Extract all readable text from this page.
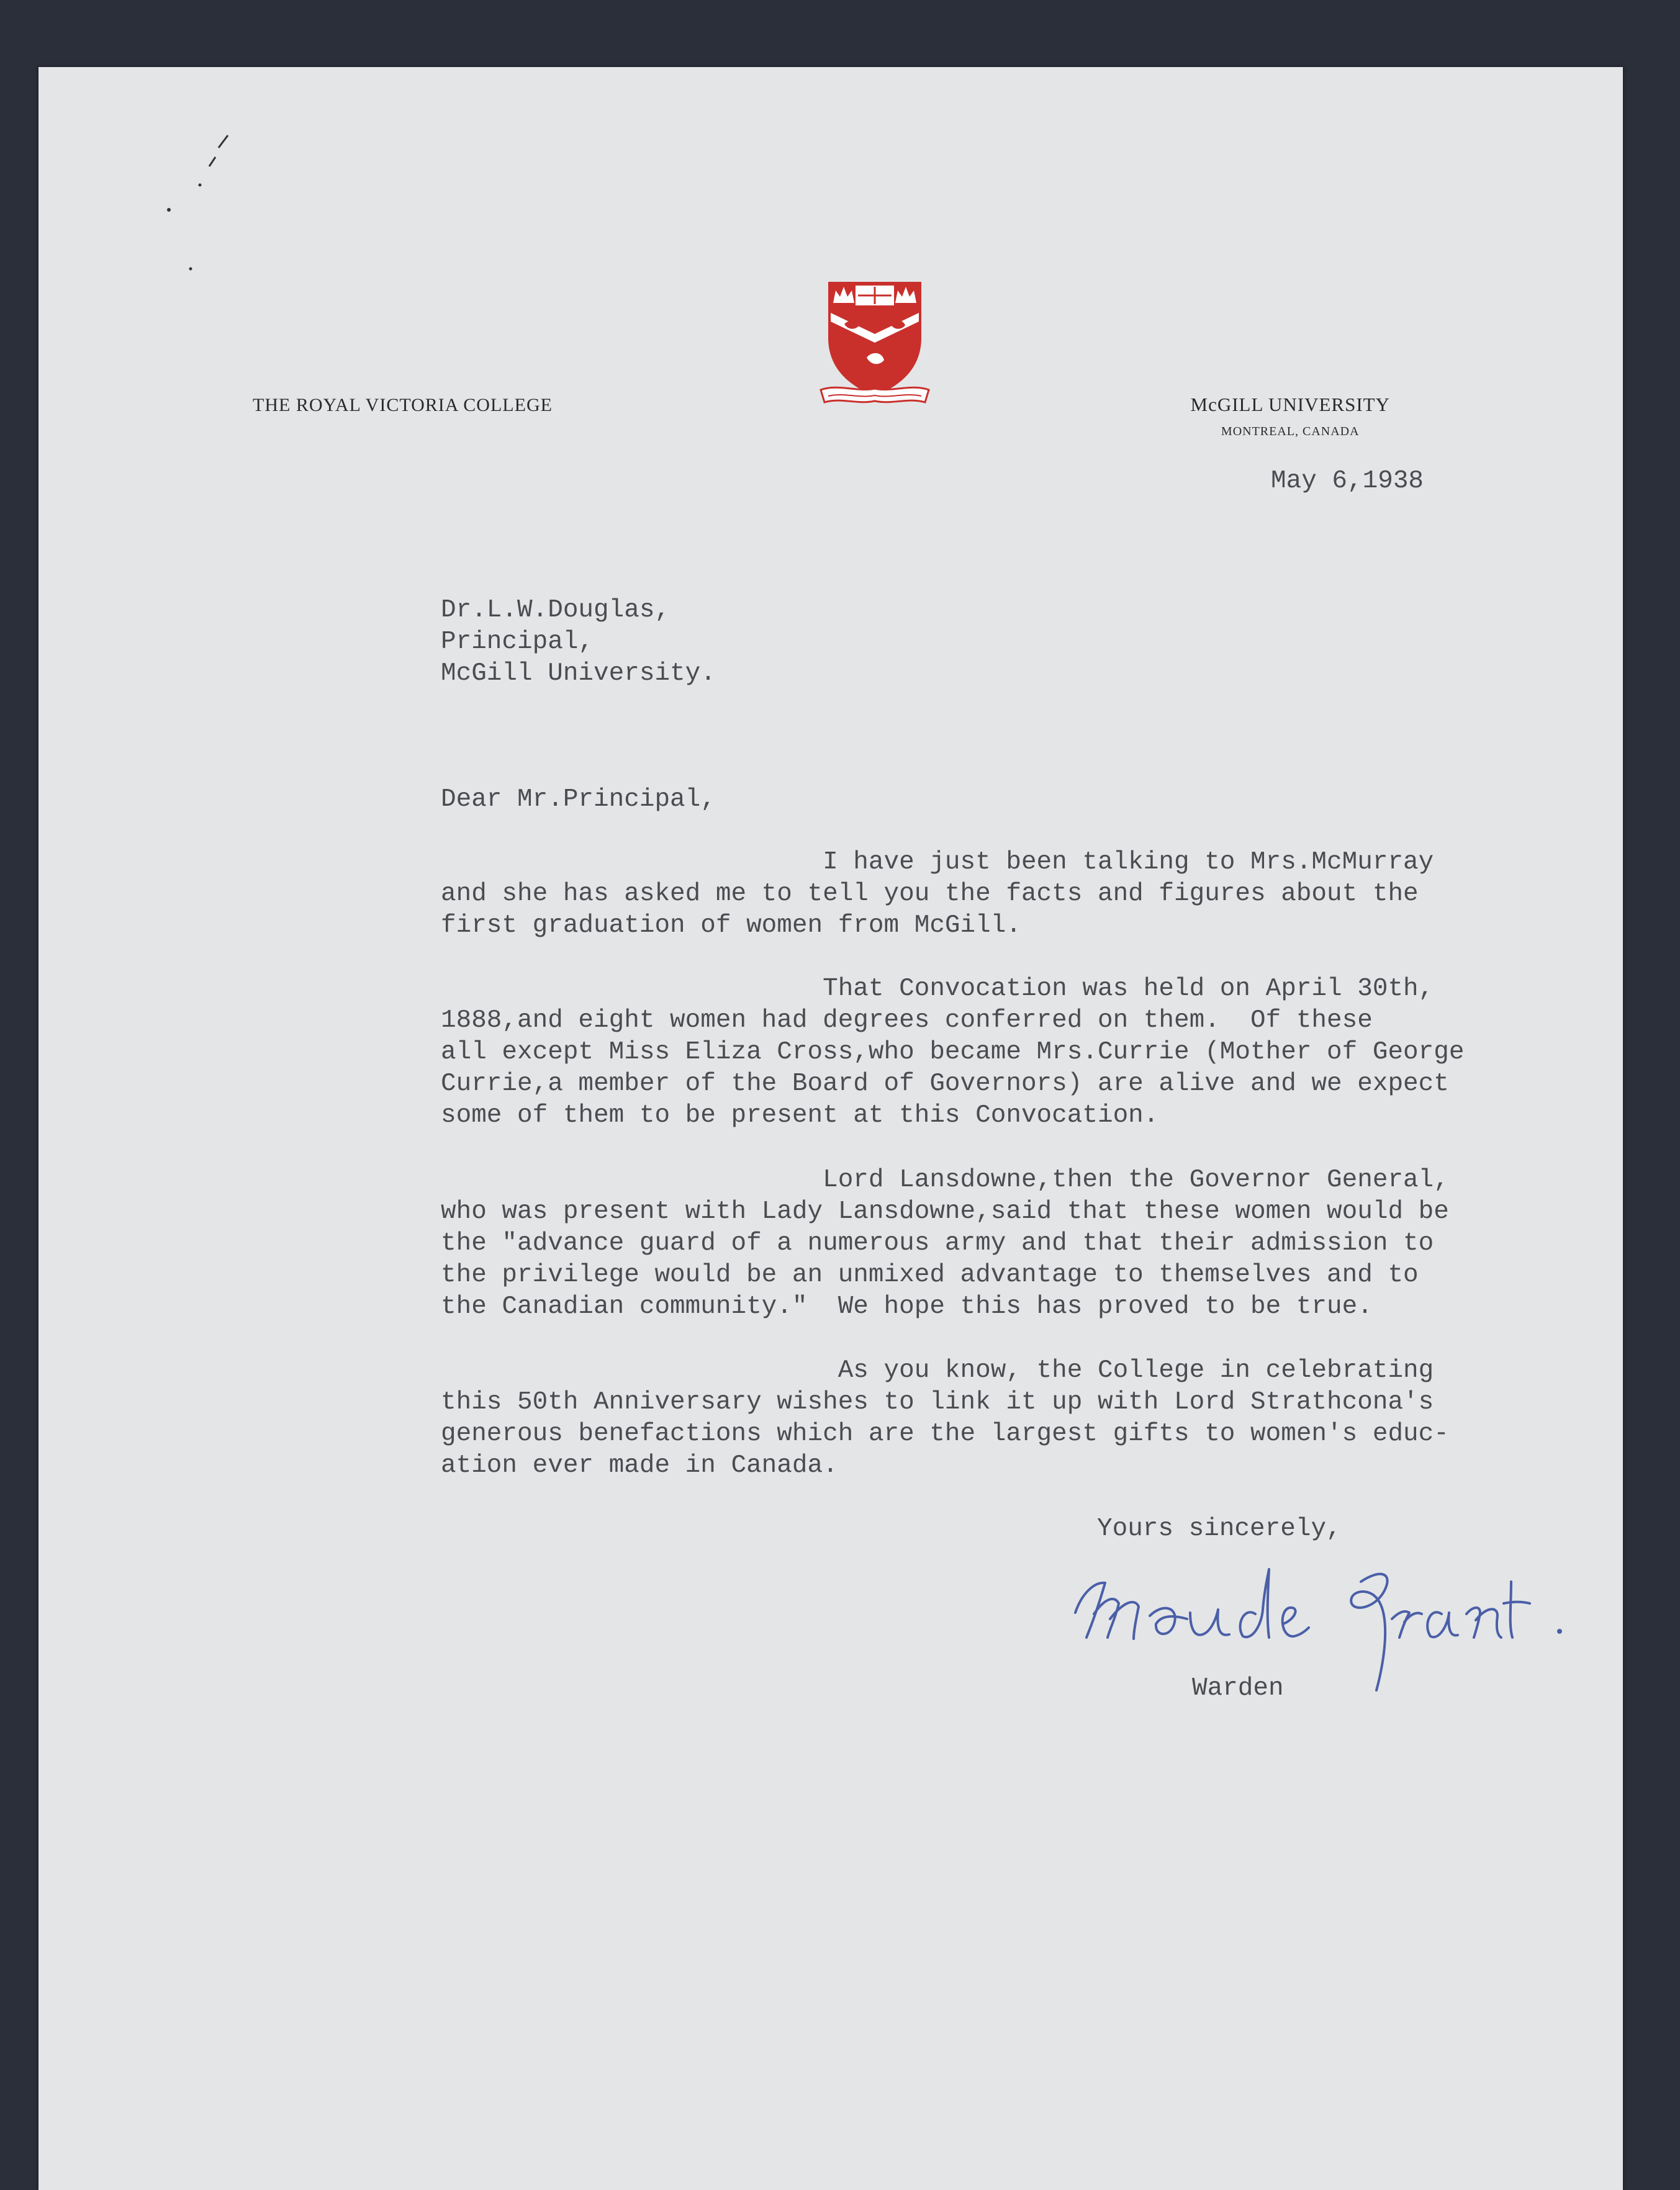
THE ROYAL VICTORIA COLLEGE	McGILL UNIVERSITY
MONTREAL, CANADA
May 6,1938
Dr.L.W.Douglas,
Principal,
McGill University.
Dear Mr.Principal,
I have just been talking to Mrs.McMurray
and she has asked me to tell you the facts and figures about the
first graduation of women from McGill.
That Convocation was held on April 30th,
1888,and eight women had degrees conferred on them.  Of these
all except Miss Eliza Cross,who became Mrs.Currie (Mother of George
Currie,a member of the Board of Governors) are alive and we expect
some of them to be present at this Convocation.
Lord Lansdowne,then the Governor General,
who was present with Lady Lansdowne,said that these women would be
the "advance guard of a numerous army and that their admission to
the privilege would be an unmixed advantage to themselves and to
the Canadian community."  We hope this has proved to be true.
As you know, the College in celebrating
this 50th Anniversary wishes to link it up with Lord Strathcona's
generous benefactions which are the largest gifts to women's educ-
ation ever made in Canada.
Yours sincerely,
Warden
